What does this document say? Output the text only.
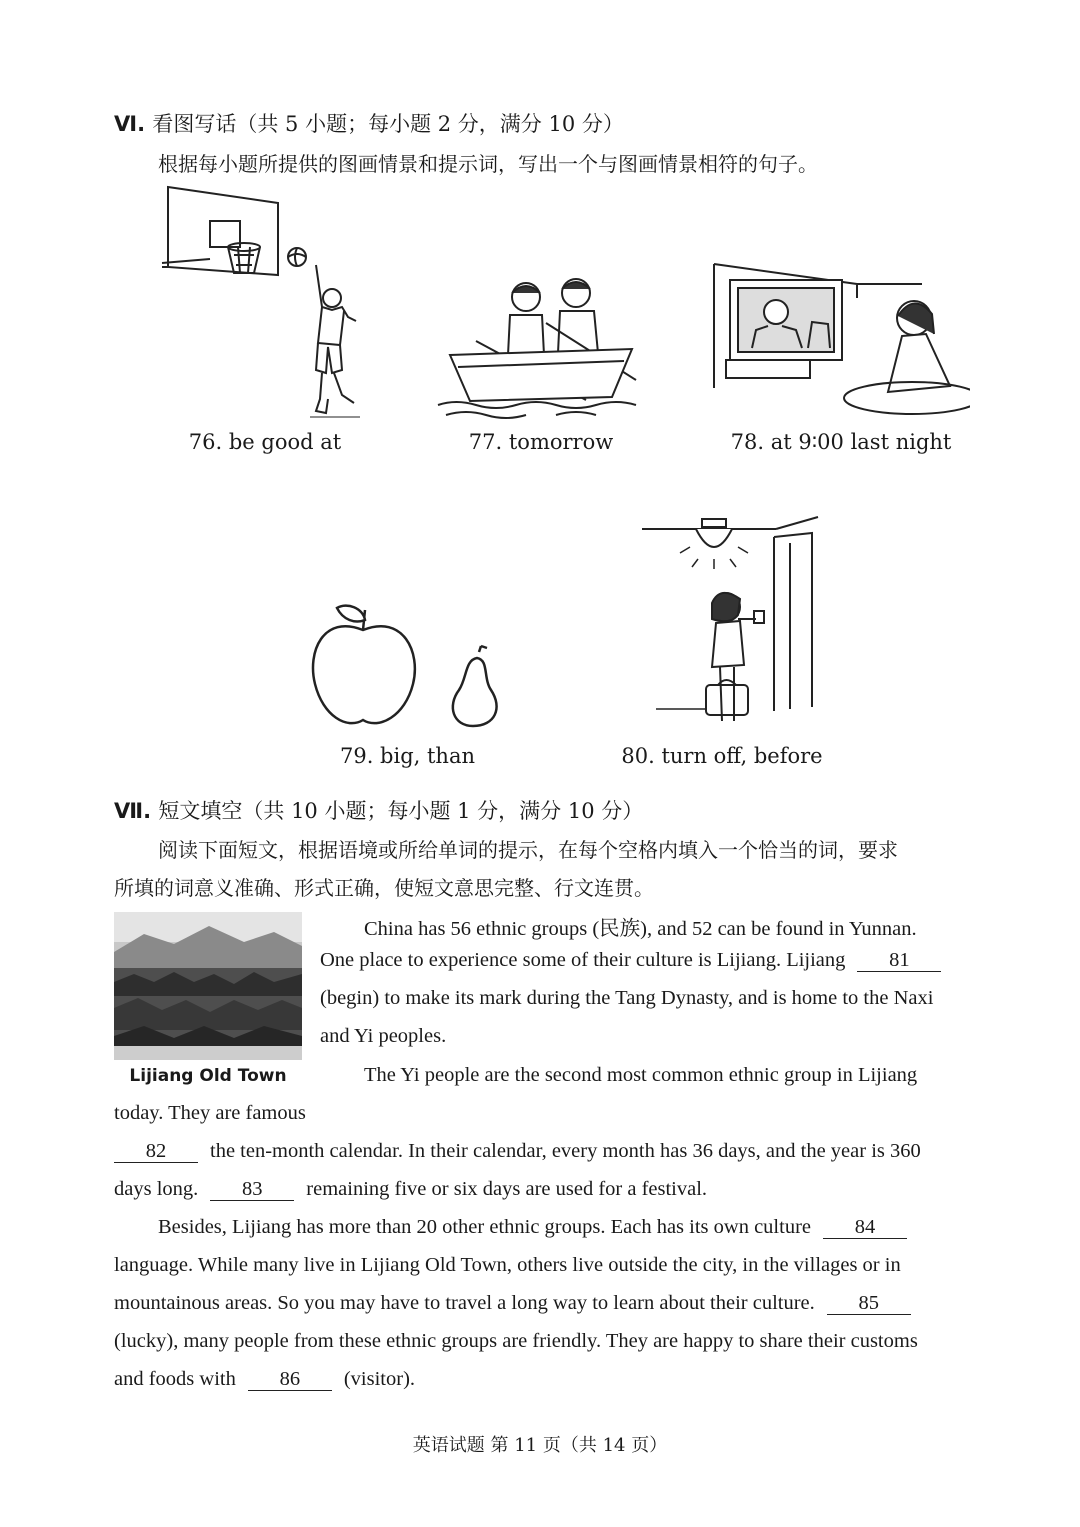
Ⅵ. 看图写话（共 5 小题；每小题 2 分，满分 10 分）
根据每小题所提供的图画情景和提示词，写出一个与图画情景相符的句子。
76. be good at	77. tomorrow	78. at 9∶00 last night
79. big, than	80. turn off, before
Ⅶ. 短文填空（共 10 小题；每小题 1 分，满分 10 分）
阅读下面短文，根据语境或所给单词的提示，在每个空格内填入一个恰当的词，要求
所填的词意义准确、形式正确，使短文意思完整、行文连贯。
Lijiang Old Town
China has 56 ethnic groups (民族), and 52 can be found in Yunnan.
One place to experience some of their culture is Lijiang. Lijiang 81
(begin) to make its mark during the Tang Dynasty, and is home to the Naxi
and Yi peoples.
The Yi people are the second most common ethnic group in Lijiang
today. They are famous
82 the ten-month calendar. In their calendar, every month has 36 days, and the year is 360
days long. 83 remaining five or six days are used for a festival.
Besides, Lijiang has more than 20 other ethnic groups. Each has its own culture 84
language. While many live in Lijiang Old Town, others live outside the city, in the villages or in
mountainous areas. So you may have to travel a long way to learn about their culture. 85
(lucky), many people from these ethnic groups are friendly. They are happy to share their customs
and foods with 86 (visitor).
英语试题 第 11 页（共 14 页）
